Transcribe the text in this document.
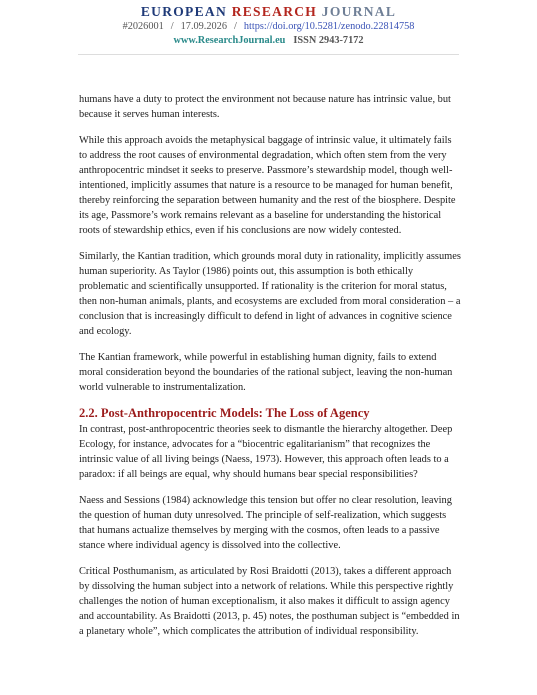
EUROPEAN RESEARCH JOURNAL
#2026001 / 17.09.2026 / https://doi.org/10.5281/zenodo.22814758
www.ResearchJournal.eu ISSN 2943-7172

humans have a duty to protect the environment not because nature has intrinsic value, but because it serves human interests.

While this approach avoids the metaphysical baggage of intrinsic value, it ultimately fails to address the root causes of environmental degradation, which often stem from the very anthropocentric mindset it seeks to preserve. Passmore’s stewardship model, though well-intentioned, implicitly assumes that nature is a resource to be managed for human benefit, thereby reinforcing the separation between humanity and the rest of the biosphere. Despite its age, Passmore’s work remains relevant as a baseline for understanding the historical roots of stewardship ethics, even if his conclusions are now widely contested.

Similarly, the Kantian tradition, which grounds moral duty in rationality, implicitly assumes human superiority. As Taylor (1986) points out, this assumption is both ethically problematic and scientifically unsupported. If rationality is the criterion for moral status, then non-human animals, plants, and ecosystems are excluded from moral consideration – a conclusion that is increasingly difficult to defend in light of advances in cognitive science and ecology.

The Kantian framework, while powerful in establishing human dignity, fails to extend moral consideration beyond the boundaries of the rational subject, leaving the non-human world vulnerable to instrumentalization.

2.2. Post-Anthropocentric Models: The Loss of Agency

In contrast, post-anthropocentric theories seek to dismantle the hierarchy altogether. Deep Ecology, for instance, advocates for a “biocentric egalitarianism” that recognizes the intrinsic value of all living beings (Naess, 1973). However, this approach often leads to a paradox: if all beings are equal, why should humans bear special responsibilities?

Naess and Sessions (1984) acknowledge this tension but offer no clear resolution, leaving the question of human duty unresolved. The principle of self-realization, which suggests that humans actualize themselves by merging with the cosmos, often leads to a passive stance where individual agency is dissolved into the collective.

Critical Posthumanism, as articulated by Rosi Braidotti (2013), takes a different approach by dissolving the human subject into a network of relations. While this perspective rightly challenges the notion of human exceptionalism, it also makes it difficult to assign agency and accountability. As Braidotti (2013, p. 45) notes, the posthuman subject is “embedded in a planetary whole”, which complicates the attribution of individual responsibility.
